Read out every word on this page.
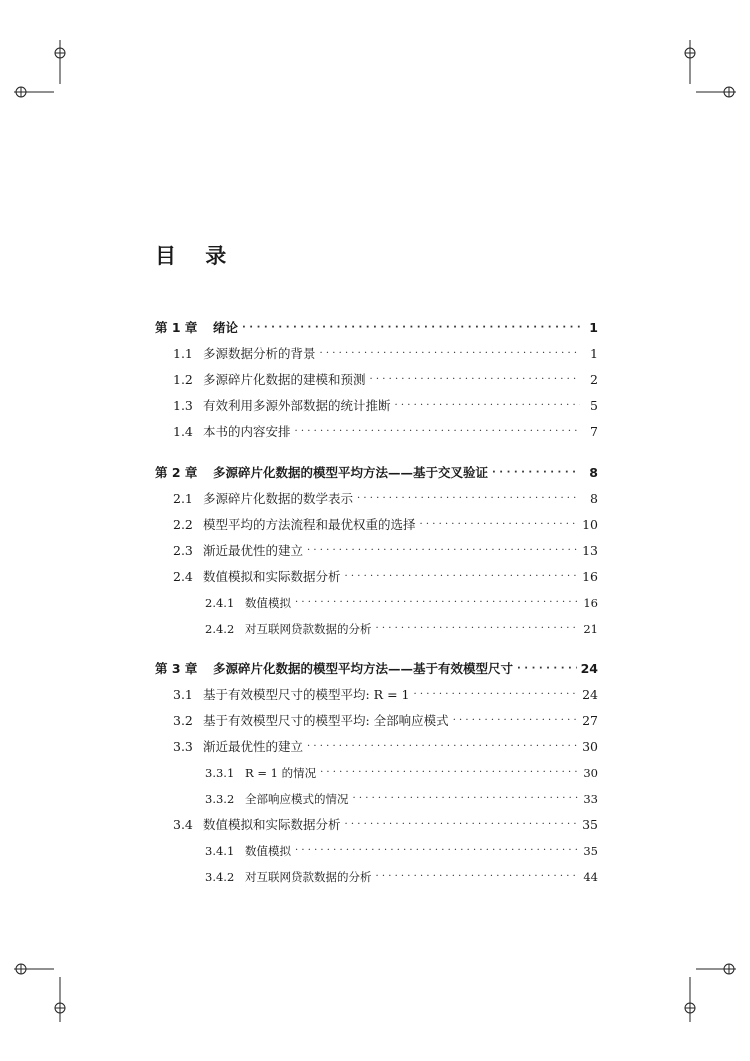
目 录
第 1 章	绪论 · · ·	1
1.1 多源数据分析的背景 · · ·	1
1.2 多源碎片化数据的建模和预测 · · ·	2
1.3 有效利用多源外部数据的统计推断 · · ·	5
1.4 本书的内容安排 · · ·	7
第 2 章	多源碎片化数据的模型平均方法——基于交叉验证 · · ·	8
2.1 多源碎片化数据的数学表示 · · ·	8
2.2 模型平均的方法流程和最优权重的选择 · · ·	10
2.3 渐近最优性的建立 · · ·	13
2.4 数值模拟和实际数据分析 · · ·	16
2.4.1 数值模拟 · · ·	16
2.4.2 对互联网贷款数据的分析 · · ·	21
第 3 章	多源碎片化数据的模型平均方法——基于有效模型尺寸 · · ·	24
3.1 基于有效模型尺寸的模型平均: R = 1 · · ·	24
3.2 基于有效模型尺寸的模型平均: 全部响应模式 · · ·	27
3.3 渐近最优性的建立 · · ·	30
3.3.1 R = 1 的情况 · · ·	30
3.3.2 全部响应模式的情况 · · ·	33
3.4 数值模拟和实际数据分析 · · ·	35
3.4.1 数值模拟 · · ·	35
3.4.2 对互联网贷款数据的分析 · · ·	44
